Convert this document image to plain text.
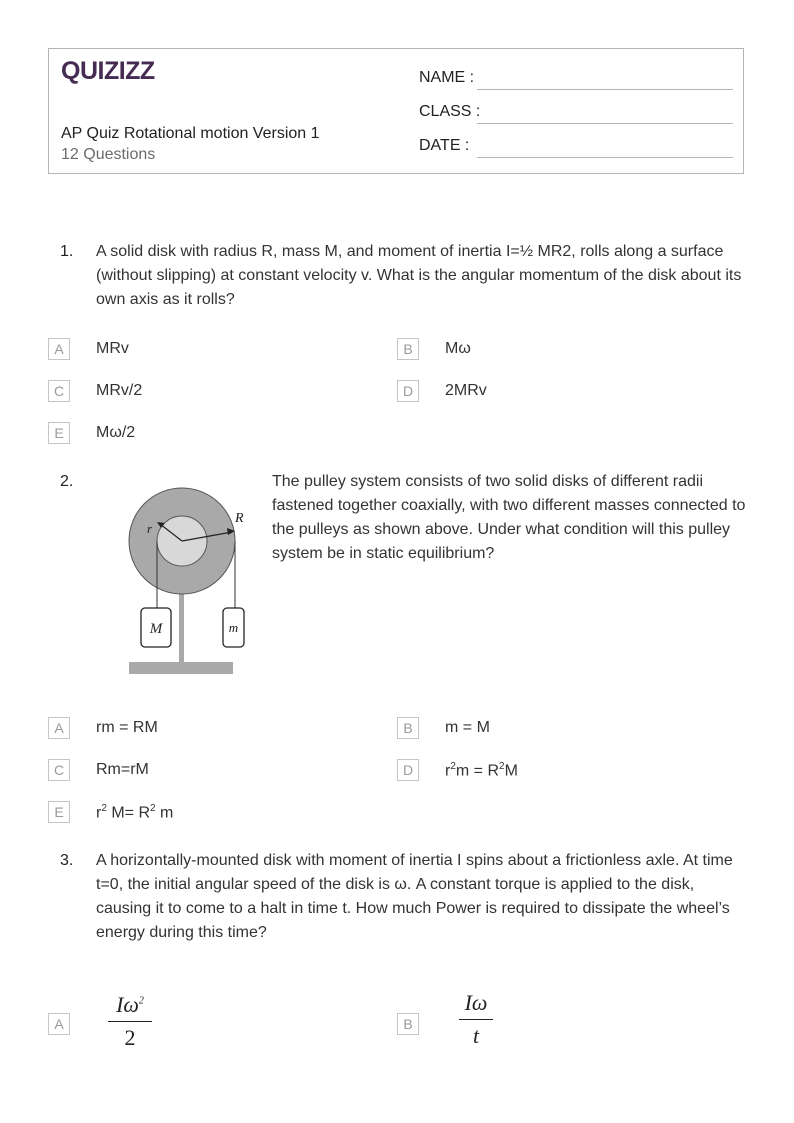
QUIZIZZ
AP Quiz Rotational motion Version 1
12 Questions
NAME :
CLASS :
DATE :
1. A solid disk with radius R, mass M, and moment of inertia I=½ MR2, rolls along a surface (without slipping) at constant velocity v. What is the angular momentum of the disk about its own axis as it rolls?
A	MRv	B	Mω
C	MRv/2	D	2MRv
E	Mω/2
2.
r
R
M	m
The pulley system consists of two solid disks of different radii fastened together coaxially, with two different masses connected to the pulleys as shown above. Under what condition will this pulley system be in static equilibrium?
A	rm = RM	B	m = M
C	Rm=rM	D	$r^2m = R^2M$
E	$r^2$ $M= R^2$ m
3. A horizontally-mounted disk with moment of inertia I spins about a frictionless axle. At time t=0, the initial angular speed of the disk is ω. A constant torque is applied to the disk, causing it to come to a halt in time t. How much Power is required to dissipate the wheel’s energy during this time?
A
$I\omega^2$
2
B
Iω
t
